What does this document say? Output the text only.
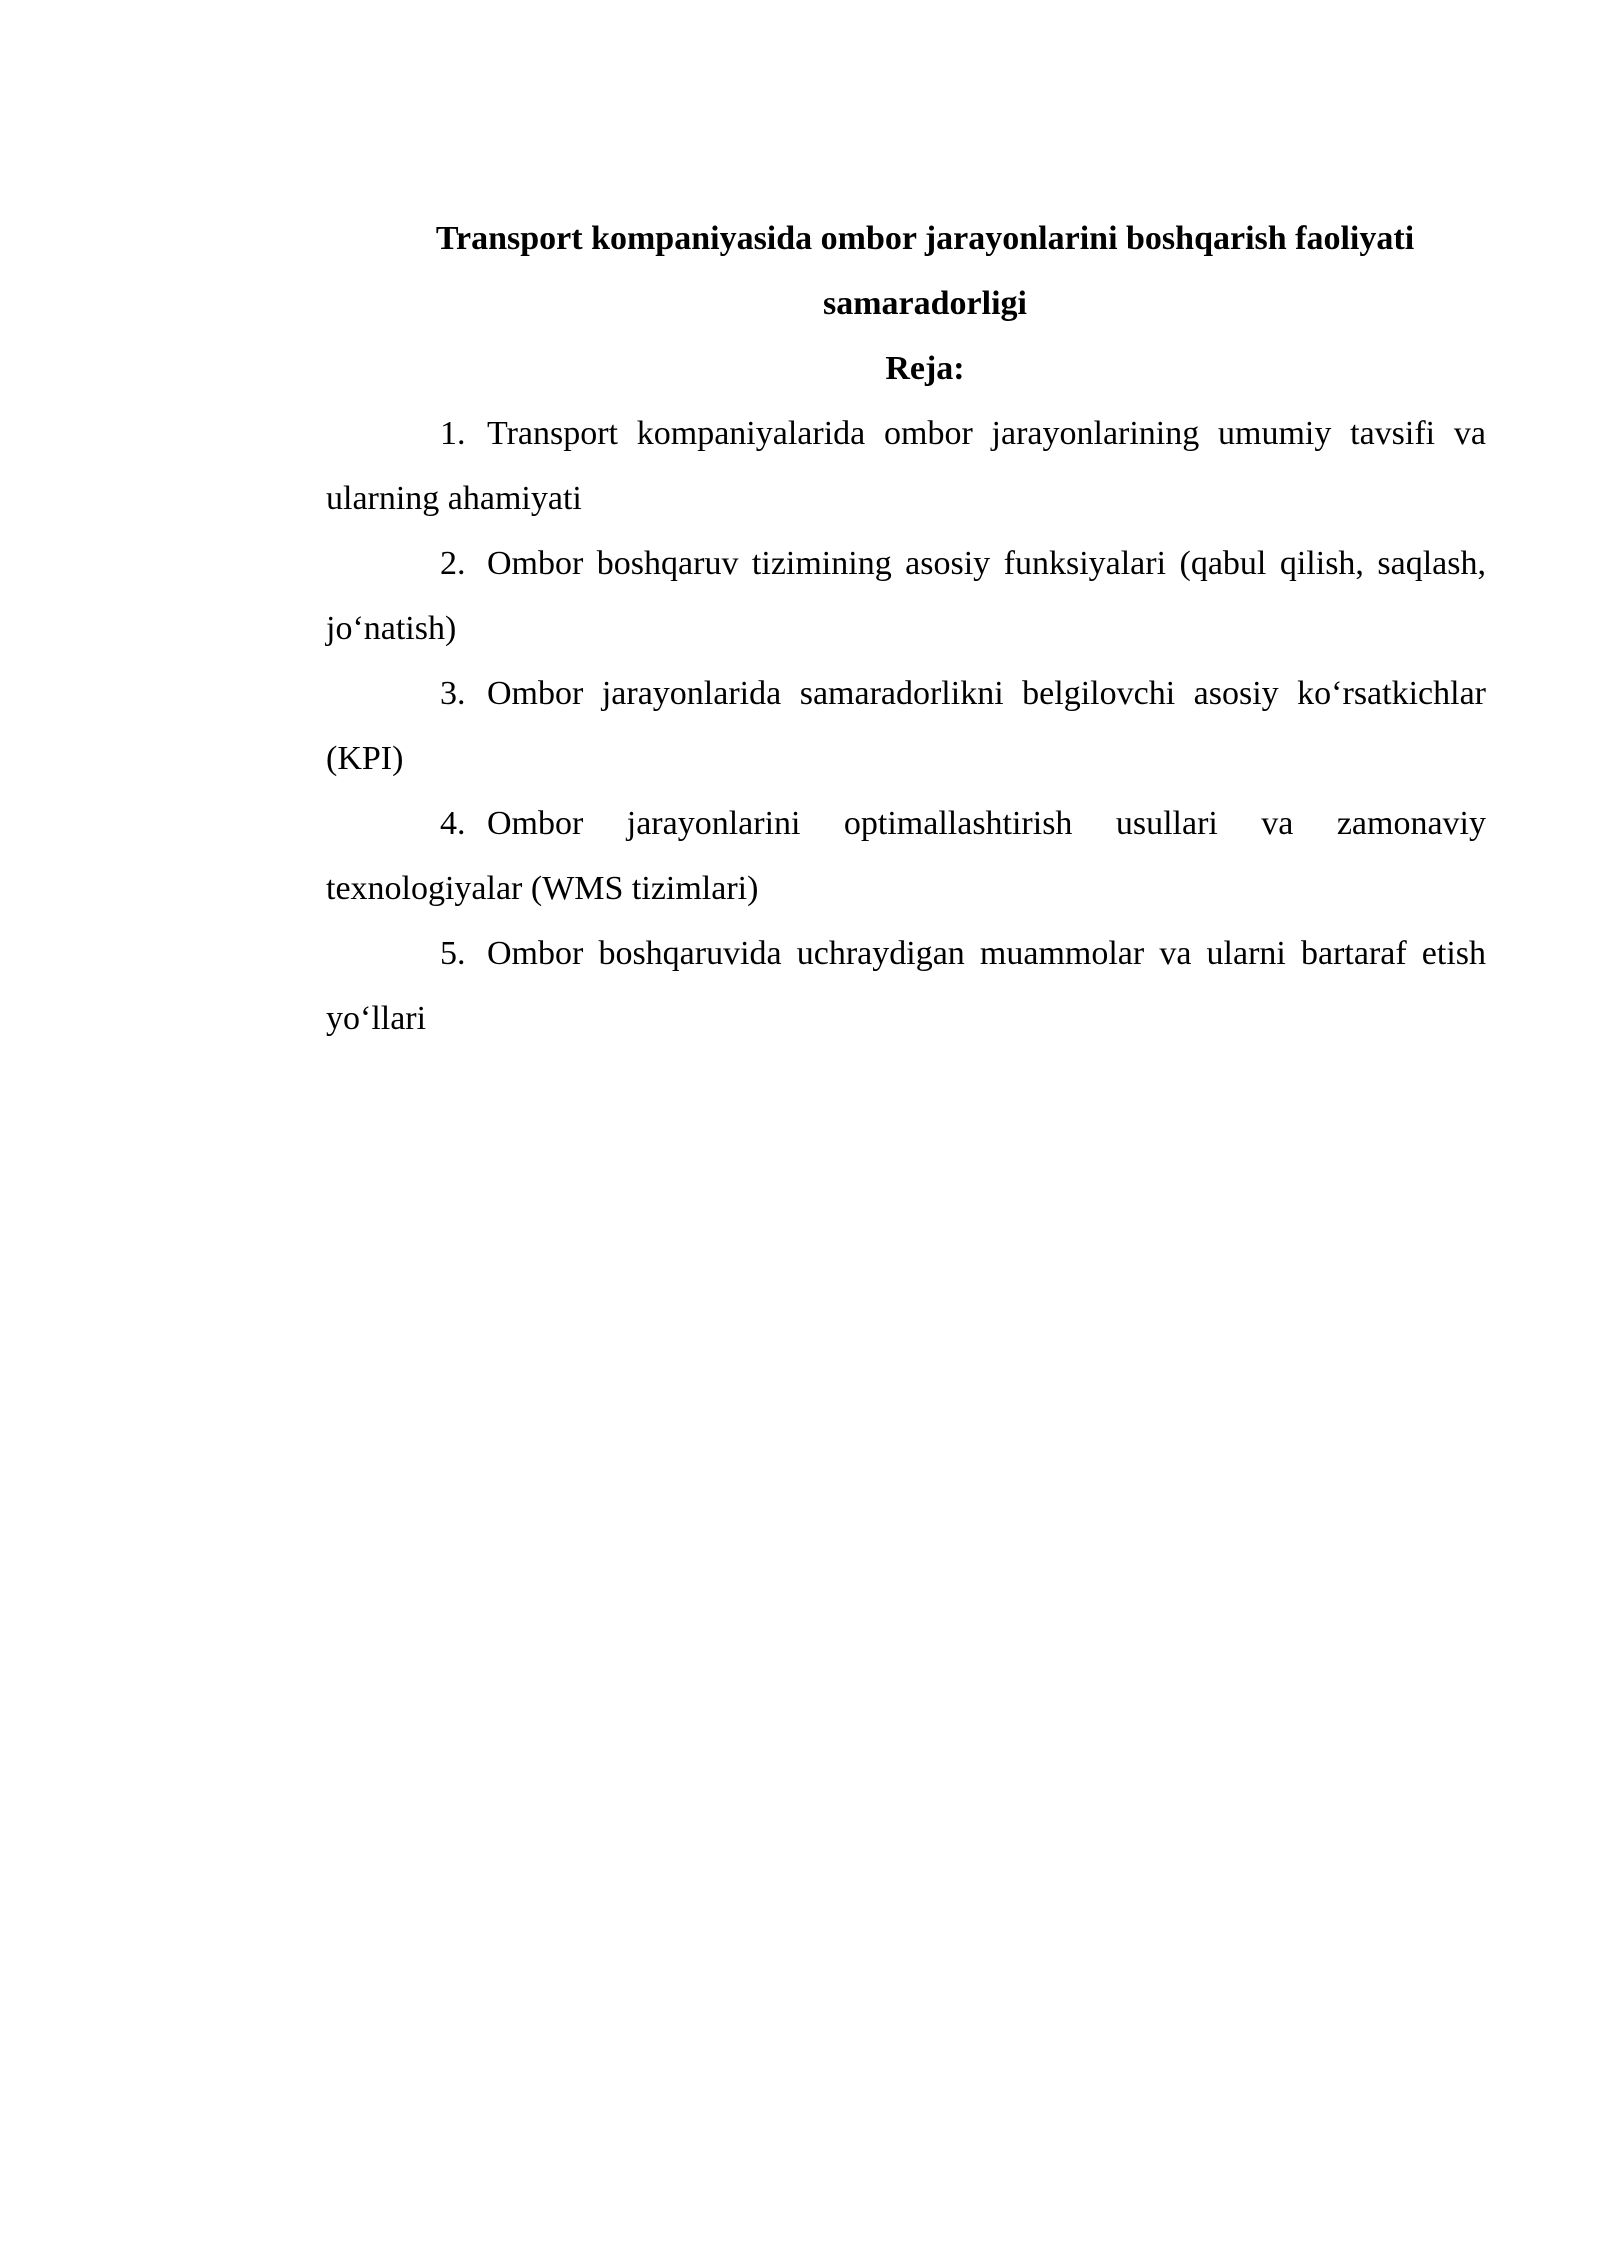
Transport kompaniyasida ombor jarayonlarini boshqarish faoliyati
samaradorligi

Reja:

1. Transport kompaniyalarida ombor jarayonlarining umumiy tavsifi va ularning ahamiyati
2. Ombor boshqaruv tizimining asosiy funksiyalari (qabul qilish, saqlash, jo‘natish)
3. Ombor jarayonlarida samaradorlikni belgilovchi asosiy ko‘rsatkichlar (KPI)
4. Ombor jarayonlarini optimallashtirish usullari va zamonaviy texnologiyalar (WMS tizimlari)
5. Ombor boshqaruvida uchraydigan muammolar va ularni bartaraf etish yo‘llari
